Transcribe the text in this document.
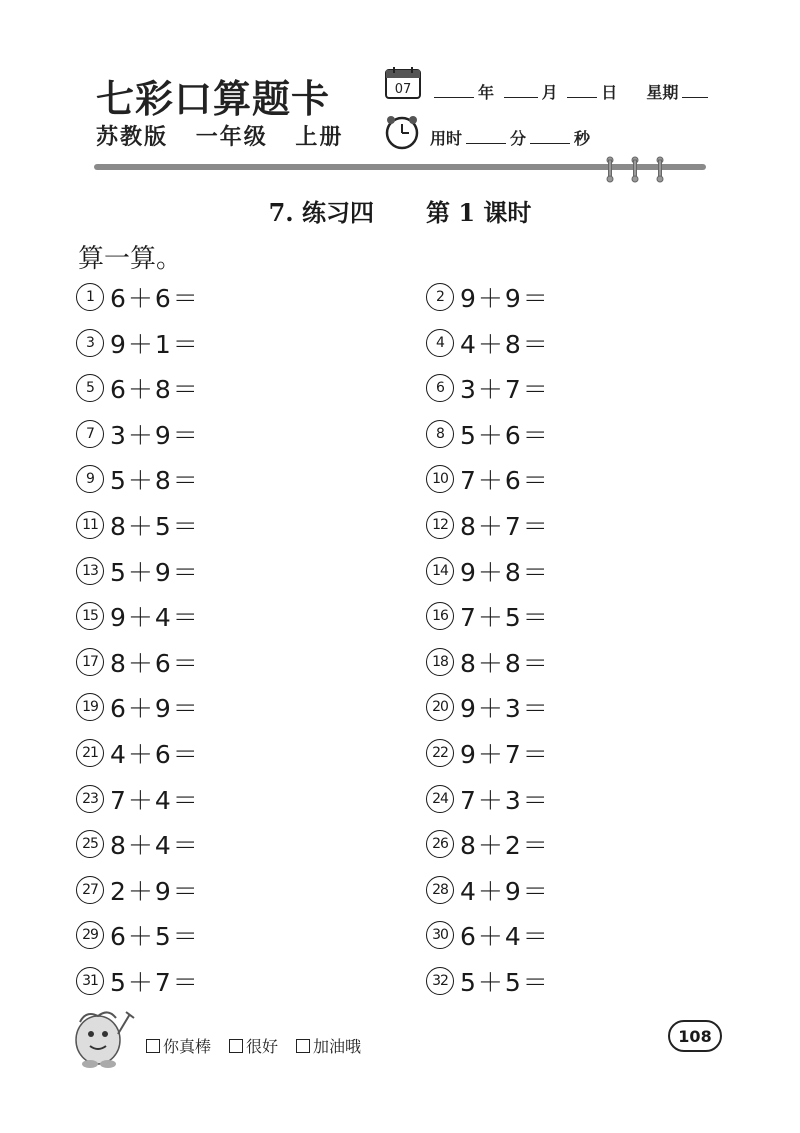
七彩口算题卡
苏教版 一年级 上册
07	年	月	日 星期
用时	分	秒
7. 练习四 第 1 课时
算一算。
1 6＋6＝	2 9＋9＝
3 9＋1＝	4 4＋8＝
5 6＋8＝	6 3＋7＝
7 3＋9＝	8 5＋6＝
9 5＋8＝	10 7＋6＝
11 8＋5＝	12 8＋7＝
13 5＋9＝	14 9＋8＝
15 9＋4＝	16 7＋5＝
17 8＋6＝	18 8＋8＝
19 6＋9＝	20 9＋3＝
21 4＋6＝	22 9＋7＝
23 7＋4＝	24 7＋3＝
25 8＋4＝	26 8＋2＝
27 2＋9＝	28 4＋9＝
29 6＋5＝	30 6＋4＝
31 5＋7＝	32 5＋5＝
你真棒 很好 加油哦
108
